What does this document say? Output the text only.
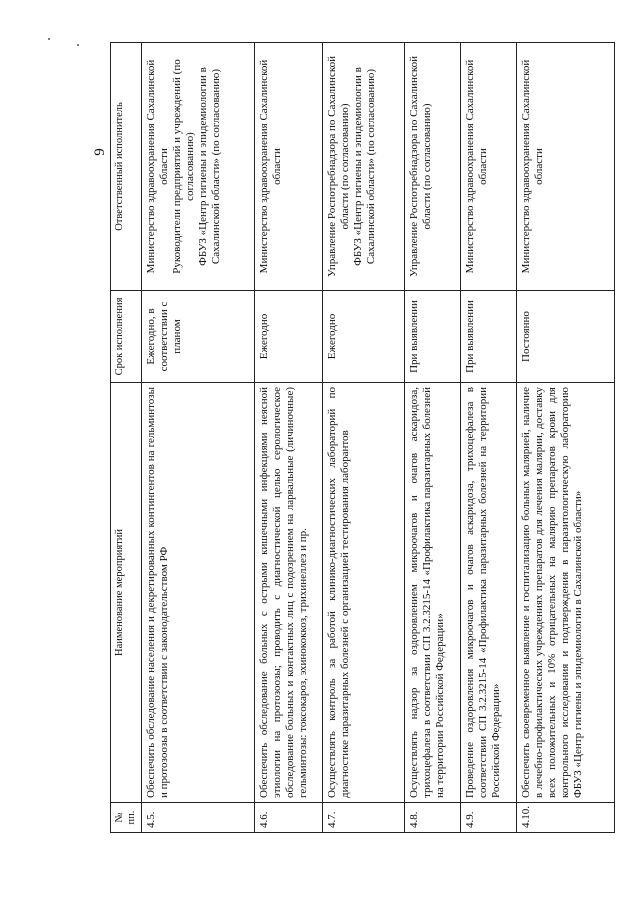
9
№ пп.	Наименование мероприятий	Срок исполнения	Ответственный исполнитель
4.5.	Обеспечить обследование населения и декретированных контингентов на гельминтозы и протозоозы в соответствии с законодательством РФ	Ежегодно, в соответствии с планом	Министерство здравоохранения Сахалинской области Руководители предприятий и учреждений (по согласованию) ФБУЗ «Центр гигиены и эпидемиологии в Сахалинской области» (по согласованию)

4.6.	Обеспечить обследование больных с острыми кишечными инфекциями неясной этиологии на протозоозы; проводить с диагностической целью серологическое обследование больных и контактных лиц с подозрением на ларвальные (личиночные) гельминтозы: токсокароз, эхинококкоз, трихинеллез и пр.	Ежегодно	Министерство здравоохранения Сахалинской области

4.7.	Осуществлять контроль за работой клинико-диагностических лабораторий по диагностике паразитарных болезней с организацией тестирования лаборантов	Ежегодно	Управление Роспотребнадзора по Сахалинской области (по согласованию) ФБУЗ «Центр гигиены и эпидемиологии в Сахалинской области» (по согласованию)

4.8.	Осуществлять надзор за оздоровлением микроочагов и очагов аскаридоза, трихоцефалеза в соответствии СП 3.2.3215-14 «Профилактика паразитарных болезней на территории Российской Федерации»	При выявлении	Управление Роспотребнадзора по Сахалинской области (по согласованию)

4.9.	Проведение оздоровления микроочагов и очагов аскаридоза, трихоцефалеза в соответствии СП 3.2.3215-14 «Профилактика паразитарных болезней на территории Российской Федерации»	При выявлении	Министерство здравоохранения Сахалинской области

4.10.	Обеспечить своевременное выявление и госпитализацию больных малярией, наличие в лечебно-профилактических учреждениях препаратов для лечения малярии, доставку всех положительных и 10% отрицательных на малярию препаратов крови для контрольного исследования и подтверждения в паразитологическую лабораторию ФБУЗ «Центр гигиены и эпидемиологии в Сахалинской области»	Постоянно	Министерство здравоохранения Сахалинской области
